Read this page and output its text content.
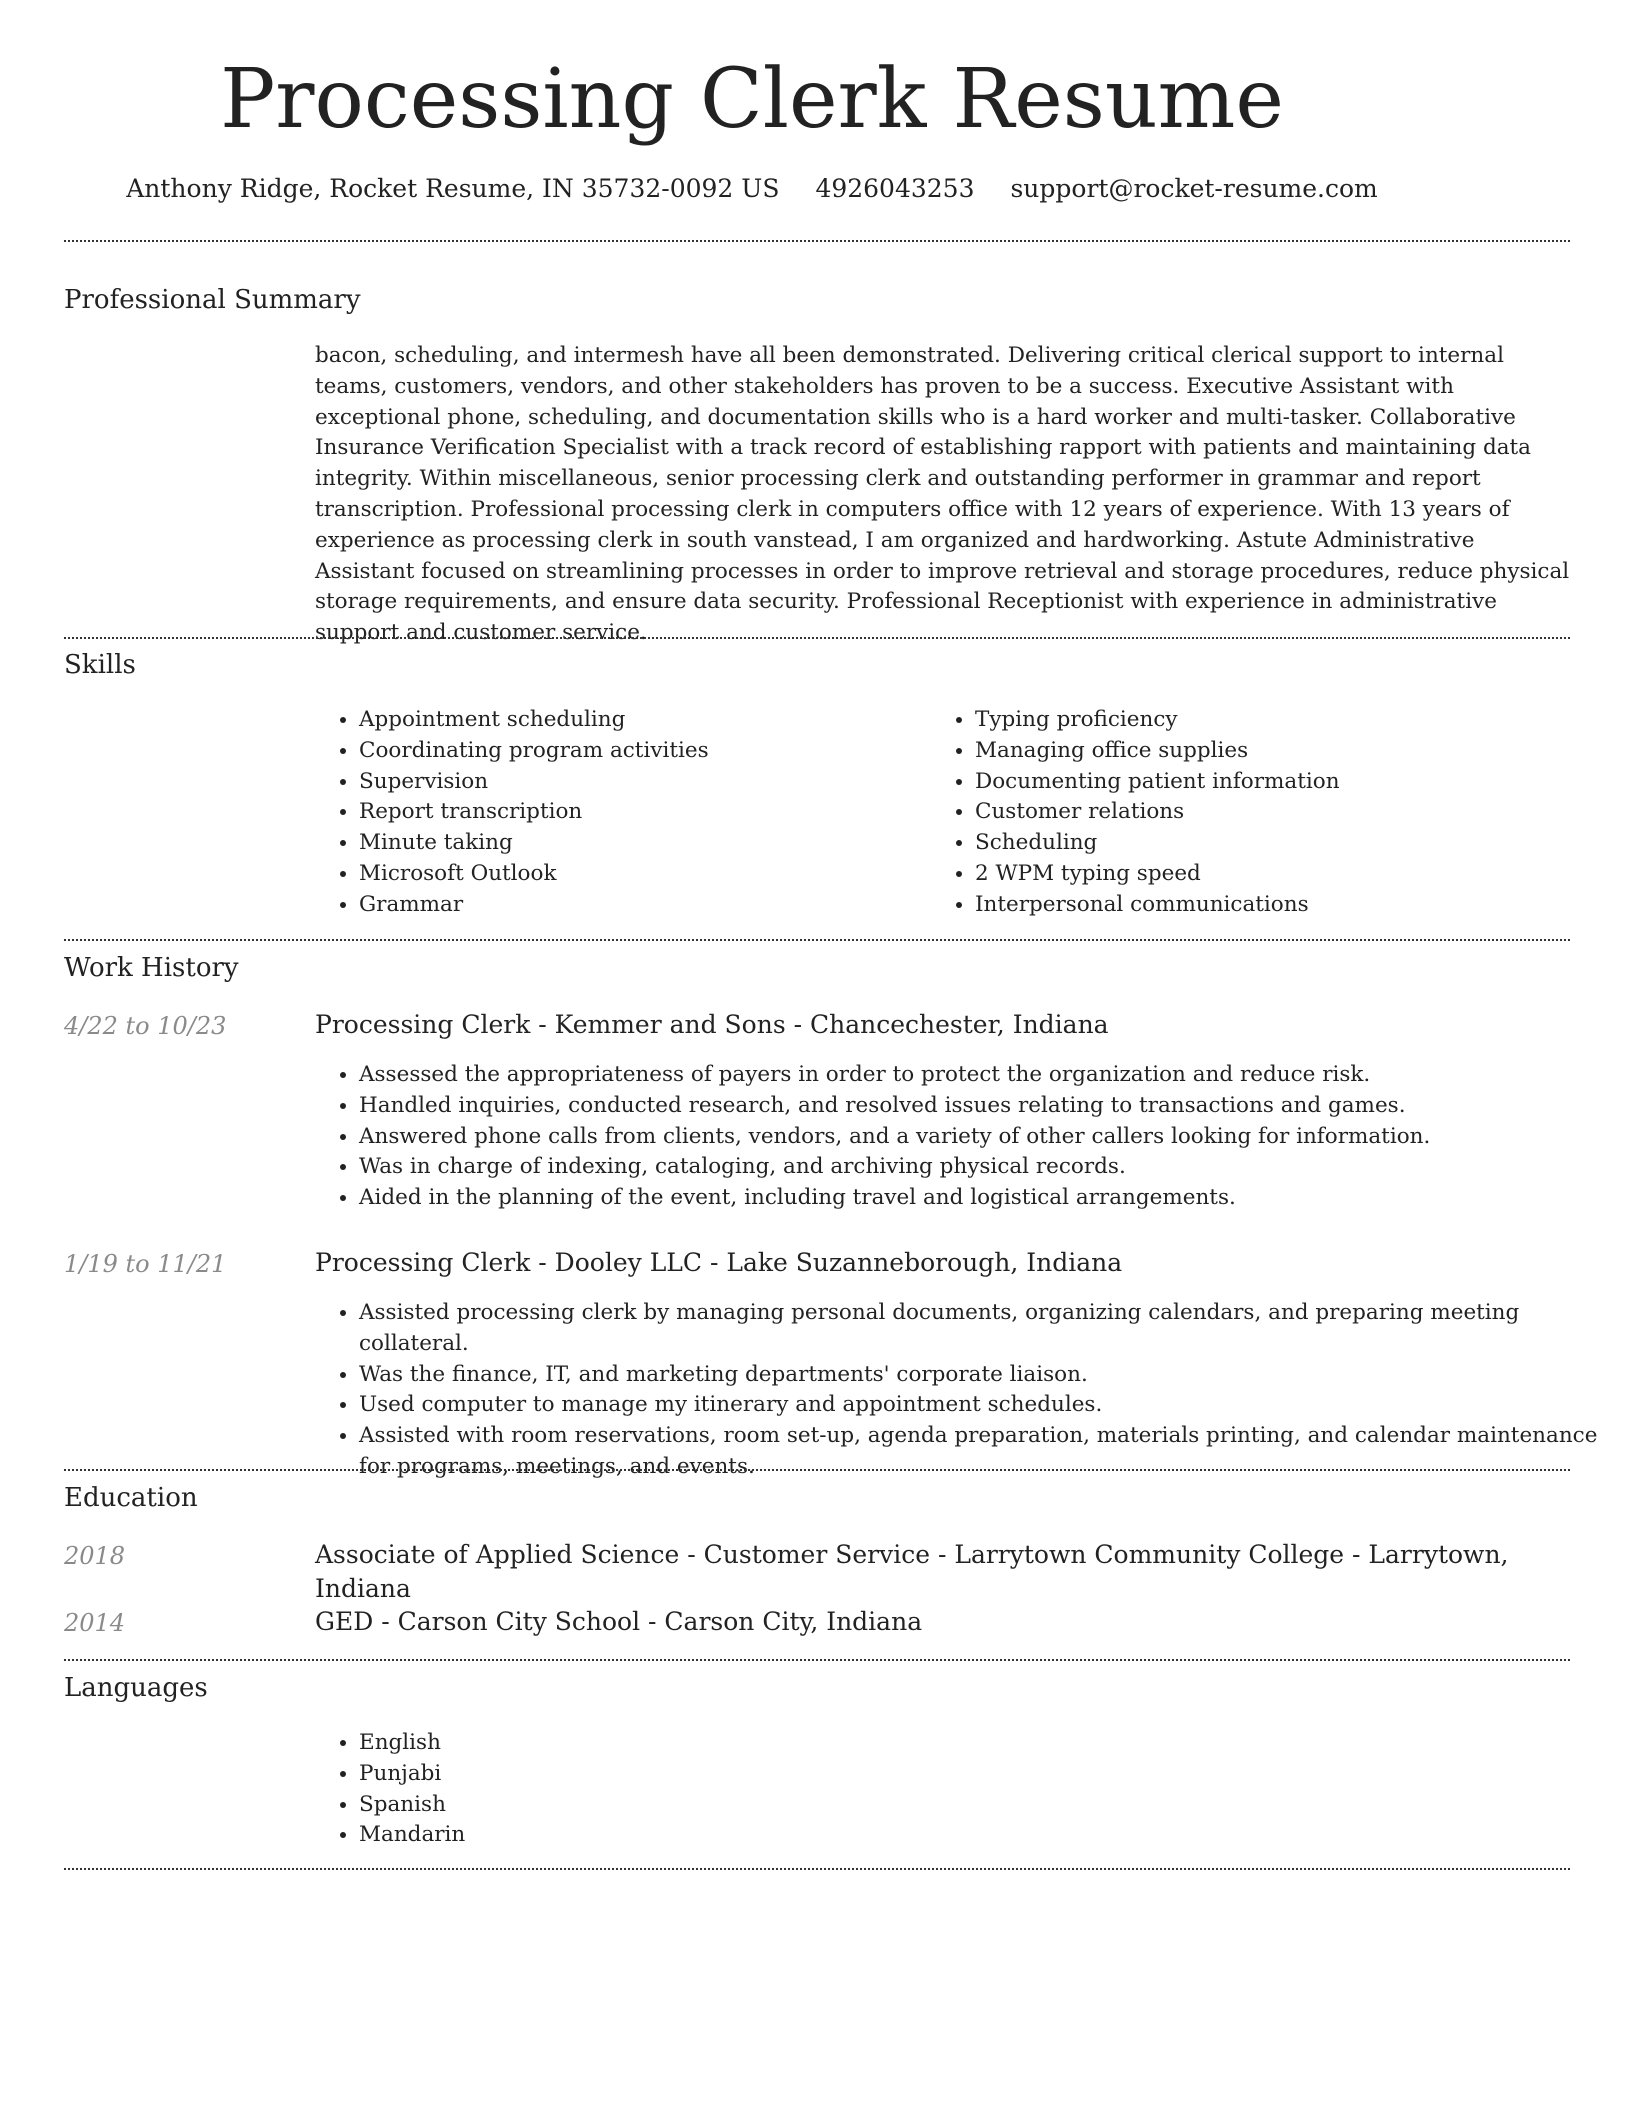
Processing Clerk Resume
Anthony Ridge, Rocket Resume, IN 35732-0092 US 4926043253 support@rocket-resume.com
Professional Summary
bacon, scheduling, and intermesh have all been demonstrated. Delivering critical clerical support to internal teams, customers, vendors, and other stakeholders has proven to be a success. Executive Assistant with exceptional phone, scheduling, and documentation skills who is a hard worker and multi-tasker. Collaborative Insurance Verification Specialist with a track record of establishing rapport with patients and maintaining data integrity. Within miscellaneous, senior processing clerk and outstanding performer in grammar and report transcription. Professional processing clerk in computers office with 12 years of experience. With 13 years of experience as processing clerk in south vanstead, I am organized and hardworking. Astute Administrative Assistant focused on streamlining processes in order to improve retrieval and storage procedures, reduce physical storage requirements, and ensure data security. Professional Receptionist with experience in administrative support and customer service.
Skills
• Appointment scheduling
• Coordinating program activities
• Supervision
• Report transcription
• Minute taking
• Microsoft Outlook
• Grammar
• Typing proficiency
• Managing office supplies
• Documenting patient information
• Customer relations
• Scheduling
• 2 WPM typing speed
• Interpersonal communications
Work History
4/22 to 10/23	Processing Clerk - Kemmer and Sons - Chancechester, Indiana
• Assessed the appropriateness of payers in order to protect the organization and reduce risk.
• Handled inquiries, conducted research, and resolved issues relating to transactions and games.
• Answered phone calls from clients, vendors, and a variety of other callers looking for information.
• Was in charge of indexing, cataloging, and archiving physical records.
• Aided in the planning of the event, including travel and logistical arrangements.
1/19 to 11/21	Processing Clerk - Dooley LLC - Lake Suzanneborough, Indiana
• Assisted processing clerk by managing personal documents, organizing calendars, and preparing meeting collateral.
• Was the finance, IT, and marketing departments' corporate liaison.
• Used computer to manage my itinerary and appointment schedules.
• Assisted with room reservations, room set-up, agenda preparation, materials printing, and calendar maintenance for programs, meetings, and events.
Education
2018	Associate of Applied Science - Customer Service - Larrytown Community College - Larrytown, Indiana
2014	GED - Carson City School - Carson City, Indiana
Languages
• English
• Punjabi
• Spanish
• Mandarin
